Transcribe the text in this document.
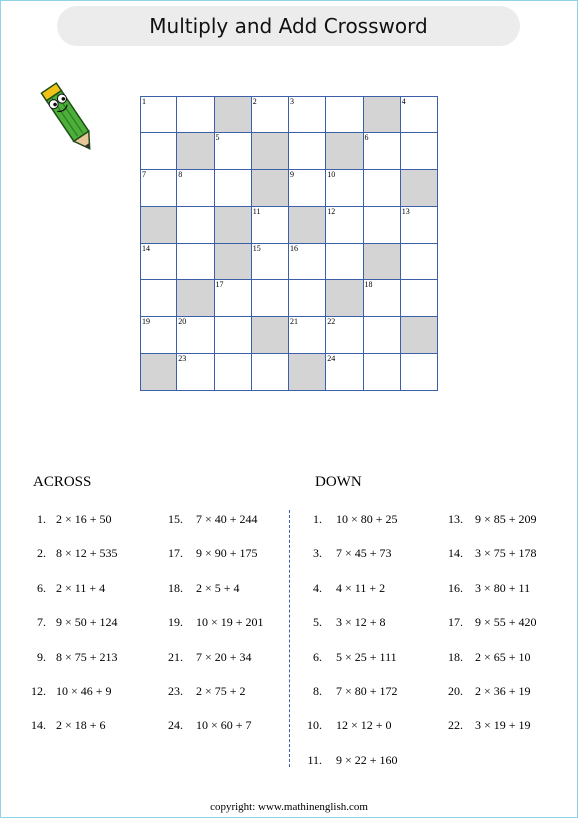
Multiply and Add Crossword
1	2	3	4
5	6
7	8	9	10
11	12	13
14	15	16
17	18
19	20	21	22
23	24
ACROSS	DOWN
1. 2 × 16 + 50
2. 8 × 12 + 535
6. 2 × 11 + 4
7. 9 × 50 + 124
9. 8 × 75 + 213
12. 10 × 46 + 9
14. 2 × 18 + 6
15. 7 × 40 + 244
17. 9 × 90 + 175
18. 2 × 5 + 4
19. 10 × 19 + 201
21. 7 × 20 + 34
23. 2 × 75 + 2
24. 10 × 60 + 7
1. 10 × 80 + 25
3. 7 × 45 + 73
4. 4 × 11 + 2
5. 3 × 12 + 8
6. 5 × 25 + 111
8. 7 × 80 + 172
10. 12 × 12 + 0
11. 9 × 22 + 160
13. 9 × 85 + 209
14. 3 × 75 + 178
16. 3 × 80 + 11
17. 9 × 55 + 420
18. 2 × 65 + 10
20. 2 × 36 + 19
22. 3 × 19 + 19
copyright: www.mathinenglish.com
